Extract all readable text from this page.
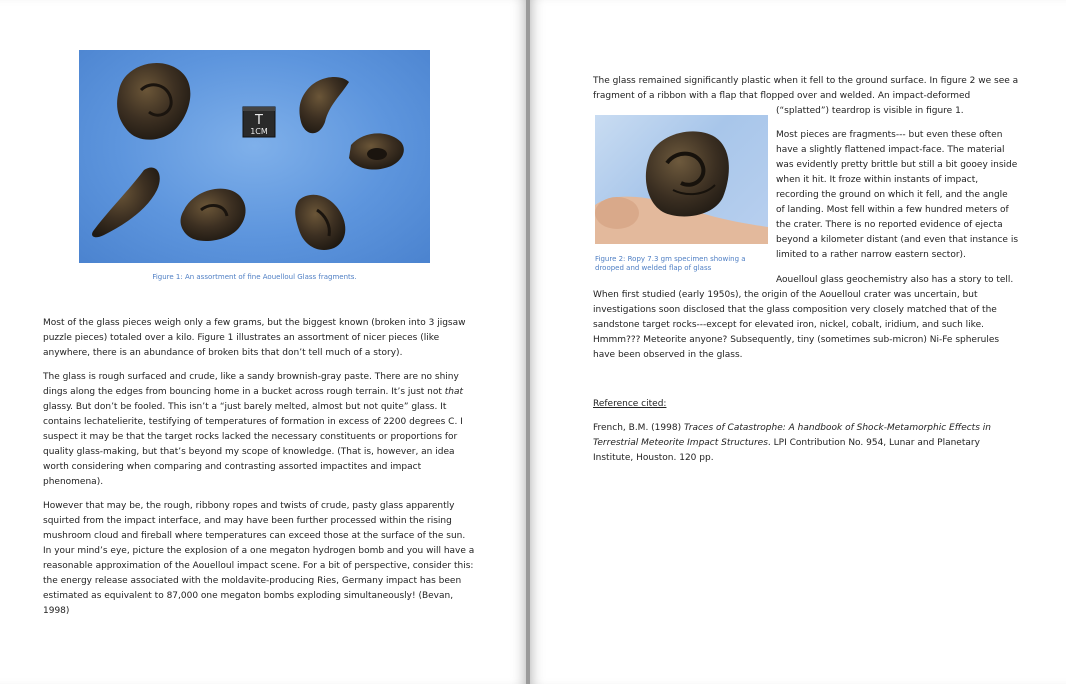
T
1CM
Figure 1: An assortment of fine Aouelloul Glass fragments.

Most of the glass pieces weigh only a few grams, but the biggest known (broken into 3 jigsaw puzzle pieces) totaled over a kilo. Figure 1 illustrates an assortment of nicer pieces (like anywhere, there is an abundance of broken bits that don’t tell much of a story).

The glass is rough surfaced and crude, like a sandy brownish-gray paste. There are no shiny dings along the edges from bouncing home in a bucket across rough terrain. It’s just not that glassy. But don’t be fooled. This isn’t a “just barely melted, almost but not quite” glass. It contains lechatelierite, testifying of temperatures of formation in excess of 2200 degrees C. I suspect it may be that the target rocks lacked the necessary constituents or proportions for quality glass-making, but that’s beyond my scope of knowledge. (That is, however, an idea worth considering when comparing and contrasting assorted impactites and impact phenomena).

However that may be, the rough, ribbony ropes and twists of crude, pasty glass apparently squirted from the impact interface, and may have been further processed within the rising mushroom cloud and fireball where temperatures can exceed those at the surface of the sun. In your mind’s eye, picture the explosion of a one megaton hydrogen bomb and you will have a reasonable approximation of the Aouelloul impact scene. For a bit of perspective, consider this: the energy release associated with the moldavite-producing Ries, Germany impact has been estimated as equivalent to 87,000 one megaton bombs exploding simultaneously! (Bevan, 1998)

The glass remained significantly plastic when it fell to the ground surface. In figure 2 we see a

fragment of a ribbon with a flap that flopped over and welded. An impact-deformed

(“splatted”) teardrop is visible in figure 1.

Figure 2: Ropy 7.3 gm specimen showing a drooped and welded flap of glass

Most pieces are fragments--- but even these often have a slightly flattened impact-face. The material was evidently pretty brittle but still a bit gooey inside when it hit. It froze within instants of impact, recording the ground on which it fell, and the angle of landing. Most fell within a few hundred meters of the crater. There is no reported evidence of ejecta beyond a kilometer distant (and even that instance is limited to a rather narrow eastern sector).

Aouelloul glass geochemistry also has a story to tell.

When first studied (early 1950s), the origin of the Aouelloul crater was uncertain, but investigations soon disclosed that the glass composition very closely matched that of the sandstone target rocks---except for elevated iron, nickel, cobalt, iridium, and such like. Hmmm??? Meteorite anyone? Subsequently, tiny (sometimes sub-micron) Ni-Fe spherules have been observed in the glass.

Reference cited:

French, B.M. (1998) Traces of Catastrophe: A handbook of Shock-Metamorphic Effects in Terrestrial Meteorite Impact Structures. LPI Contribution No. 954, Lunar and Planetary Institute, Houston. 120 pp.
